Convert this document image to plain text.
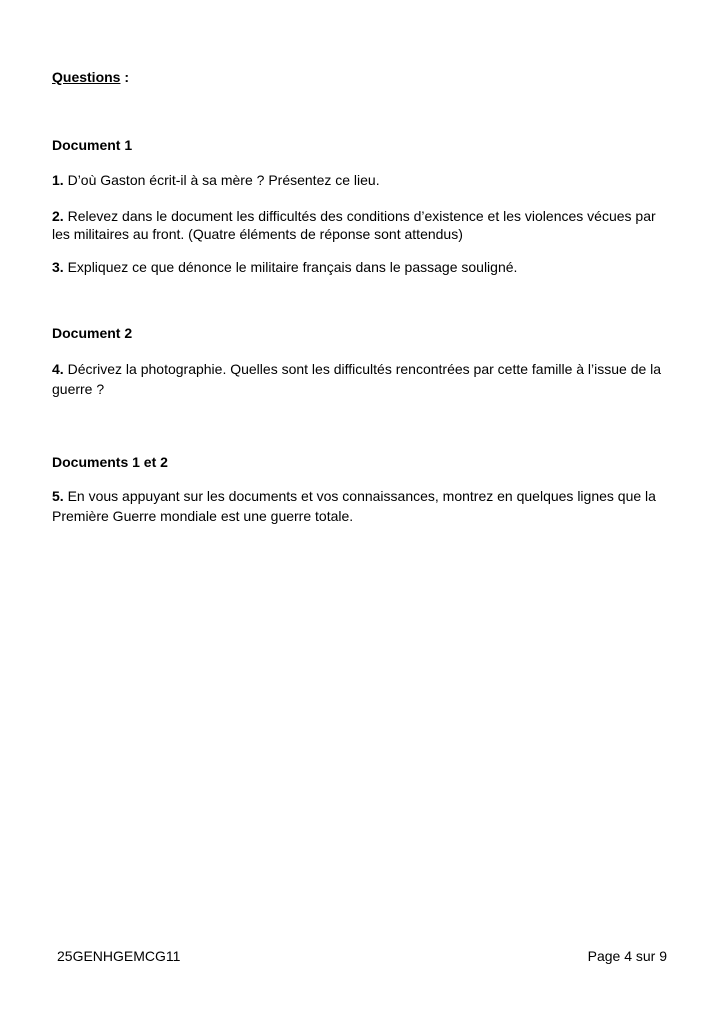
Questions :
Document 1
1. D’où Gaston écrit-il à sa mère ? Présentez ce lieu.
2. Relevez dans le document les difficultés des conditions d’existence et les violences vécues par les militaires au front. (Quatre éléments de réponse sont attendus)
3. Expliquez ce que dénonce le militaire français dans le passage souligné.
Document 2
4. Décrivez la photographie. Quelles sont les difficultés rencontrées par cette famille à l’issue de la guerre ?
Documents 1 et 2
5. En vous appuyant sur les documents et vos connaissances, montrez en quelques lignes que la Première Guerre mondiale est une guerre totale.
25GENHGEMCG11	Page 4 sur 9
